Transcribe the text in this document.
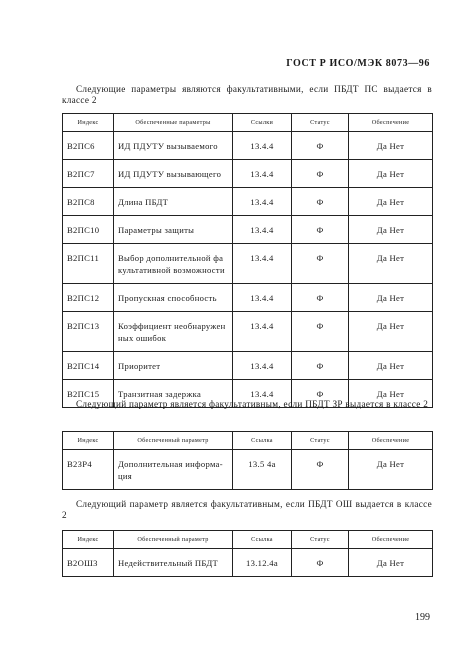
ГОСТ Р ИСО/МЭК 8073—96
Следующие параметры являются факультативными, если ПБДТ ПС выдается в классе 2
Индекс	Обеспеченные параметры	Ссылки	Статус	Обеспечение
В2ПС6	ИД ПДУТУ вызываемого	13.4.4	Ф	Да Нет
В2ПС7	ИД ПДУТУ вызывающего	13.4.4	Ф	Да Нет
В2ПС8	Длина ПБДТ	13.4.4	Ф	Да Нет
В2ПС10	Параметры защиты	13.4.4	Ф	Да Нет
В2ПС11	Выбор дополнительной фа культативной возможности	13.4.4	Ф	Да Нет
В2ПС12	Пропускная способность	13.4.4	Ф	Да Нет
В2ПС13	Коэффициент необнаружен ных ошибок	13.4.4	Ф	Да Нет
В2ПС14	Приоритет	13.4.4	Ф	Да Нет
В2ПС15	Транзитная задержка	13.4.4	Ф	Да Нет
Следующий параметр является факультативным, если ПБДТ ЗР выдается в классе 2
Индекс	Обеспеченный параметр	Ссылка	Статус	Обеспечение
В2ЗР4	Дополнительная информа-ция	13.5 4а	Ф	Да Нет
Следующий параметр является факультативным, если ПБДТ ОШ выдается в классе 2
Индекс	Обеспеченный параметр	Ссылка	Статус	Обеспечение
В2ОШ3	Недействительный ПБДТ	13.12.4а	Ф	Да Нет
199
